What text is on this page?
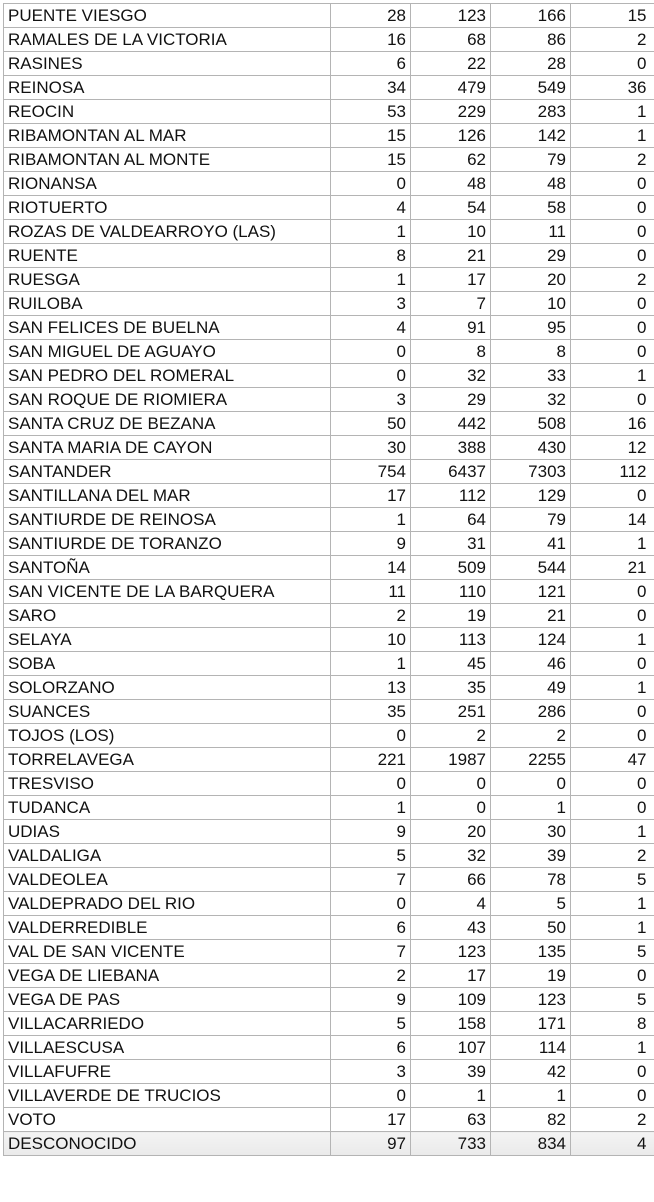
PUENTE VIESGO	28	123	166	15
RAMALES DE LA VICTORIA	16	68	86	2
RASINES	6	22	28	0
REINOSA	34	479	549	36
REOCIN	53	229	283	1
RIBAMONTAN AL MAR	15	126	142	1
RIBAMONTAN AL MONTE	15	62	79	2
RIONANSA	0	48	48	0
RIOTUERTO	4	54	58	0
ROZAS DE VALDEARROYO (LAS)	1	10	11	0
RUENTE	8	21	29	0
RUESGA	1	17	20	2
RUILOBA	3	7	10	0
SAN FELICES DE BUELNA	4	91	95	0
SAN MIGUEL DE AGUAYO	0	8	8	0
SAN PEDRO DEL ROMERAL	0	32	33	1
SAN ROQUE DE RIOMIERA	3	29	32	0
SANTA CRUZ DE BEZANA	50	442	508	16
SANTA MARIA DE CAYON	30	388	430	12
SANTANDER	754	6437	7303	112
SANTILLANA DEL MAR	17	112	129	0
SANTIURDE DE REINOSA	1	64	79	14
SANTIURDE DE TORANZO	9	31	41	1
SANTOÑA	14	509	544	21
SAN VICENTE DE LA BARQUERA	11	110	121	0
SARO	2	19	21	0
SELAYA	10	113	124	1
SOBA	1	45	46	0
SOLORZANO	13	35	49	1
SUANCES	35	251	286	0
TOJOS (LOS)	0	2	2	0
TORRELAVEGA	221	1987	2255	47
TRESVISO	0	0	0	0
TUDANCA	1	0	1	0
UDIAS	9	20	30	1
VALDALIGA	5	32	39	2
VALDEOLEA	7	66	78	5
VALDEPRADO DEL RIO	0	4	5	1
VALDERREDIBLE	6	43	50	1
VAL DE SAN VICENTE	7	123	135	5
VEGA DE LIEBANA	2	17	19	0
VEGA DE PAS	9	109	123	5
VILLACARRIEDO	5	158	171	8
VILLAESCUSA	6	107	114	1
VILLAFUFRE	3	39	42	0
VILLAVERDE DE TRUCIOS	0	1	1	0
VOTO	17	63	82	2
DESCONOCIDO	97	733	834	4
